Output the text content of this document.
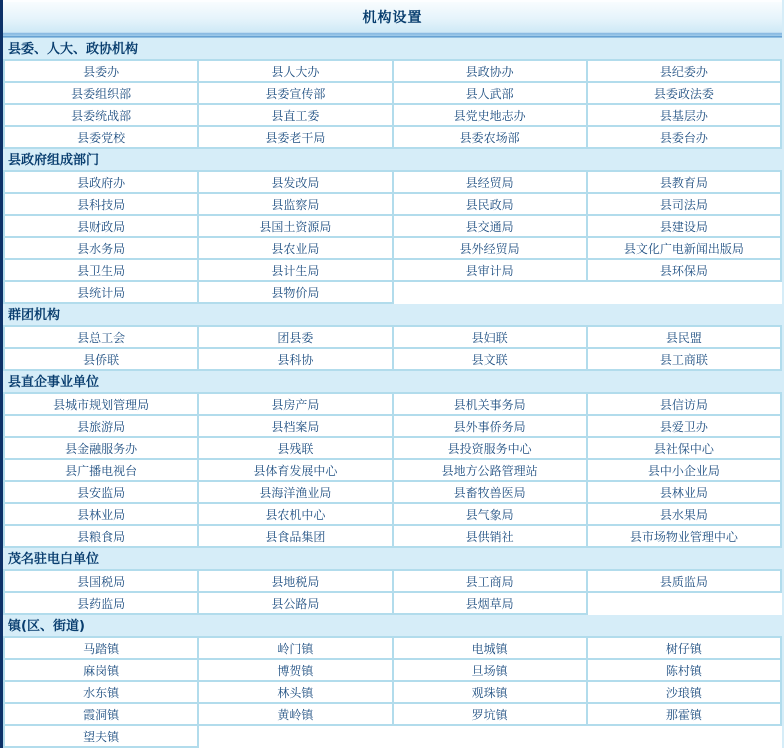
机构设置
县委、人大、政协机构
县委办	县人大办	县政协办	县纪委办
县委组织部	县委宣传部	县人武部	县委政法委
县委统战部	县直工委	县党史地志办	县基层办
县委党校	县委老干局	县委农场部	县委台办
县政府组成部门
县政府办	县发改局	县经贸局	县教育局
县科技局	县监察局	县民政局	县司法局
县财政局	县国土资源局	县交通局	县建设局
县水务局	县农业局	县外经贸局	县文化广电新闻出版局
县卫生局	县计生局	县审计局	县环保局
县统计局	县物价局		
群团机构
县总工会	团县委	县妇联	县民盟
县侨联	县科协	县文联	县工商联
县直企事业单位
县城市规划管理局	县房产局	县机关事务局	县信访局
县旅游局	县档案局	县外事侨务局	县爱卫办
县金融服务办	县残联	县投资服务中心	县社保中心
县广播电视台	县体育发展中心	县地方公路管理站	县中小企业局
县安监局	县海洋渔业局	县畜牧兽医局	县林业局
县林业局	县农机中心	县气象局	县水果局
县粮食局	县食品集团	县供销社	县市场物业管理中心
茂名驻电白单位
县国税局	县地税局	县工商局	县质监局
县药监局	县公路局	县烟草局	
镇(区、街道)
马踏镇	岭门镇	电城镇	树仔镇
麻岗镇	博贺镇	旦场镇	陈村镇
水东镇	林头镇	观珠镇	沙琅镇
霞洞镇	黄岭镇	罗坑镇	那霍镇
望夫镇			
